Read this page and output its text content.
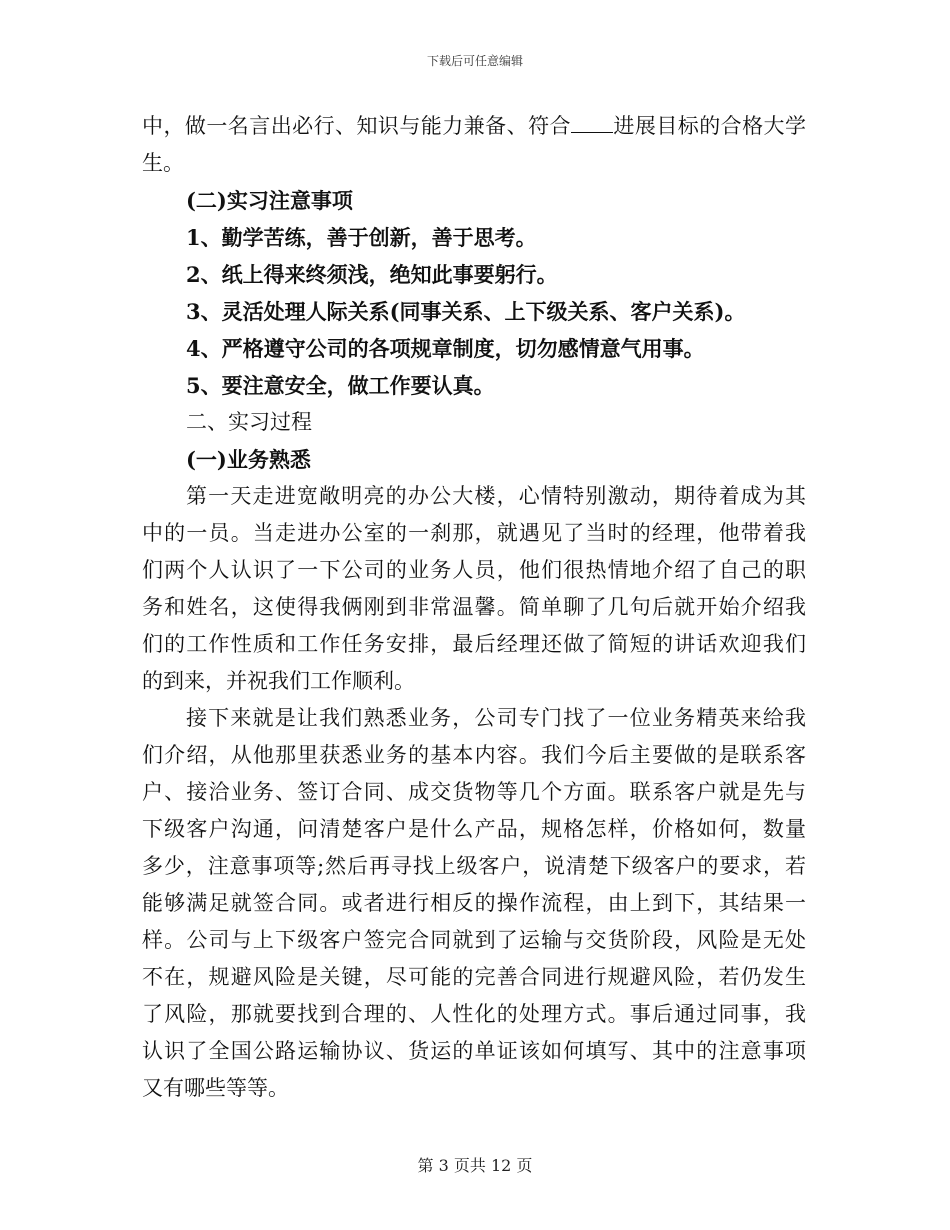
下载后可任意编辑
中，做一名言出必行、知识与能力兼备、符合 进展目标的合格大学
生。
(二)实习注意事项
1、勤学苦练，善于创新，善于思考。
2、纸上得来终须浅，绝知此事要躬行。
3、灵活处理人际关系(同事关系、上下级关系、客户关系)。
4、严格遵守公司的各项规章制度，切勿感情意气用事。
5、要注意安全，做工作要认真。
二、实习过程
(一)业务熟悉
第一天走进宽敞明亮的办公大楼，心情特别激动，期待着成为其
中的一员。当走进办公室的一刹那，就遇见了当时的经理，他带着我
们两个人认识了一下公司的业务人员，他们很热情地介绍了自己的职
务和姓名，这使得我俩刚到非常温馨。简单聊了几句后就开始介绍我
们的工作性质和工作任务安排，最后经理还做了简短的讲话欢迎我们
的到来，并祝我们工作顺利。
接下来就是让我们熟悉业务，公司专门找了一位业务精英来给我
们介绍，从他那里获悉业务的基本内容。我们今后主要做的是联系客
户、接洽业务、签订合同、成交货物等几个方面。联系客户就是先与
下级客户沟通，问清楚客户是什么产品，规格怎样，价格如何，数量
多少，注意事项等;然后再寻找上级客户，说清楚下级客户的要求，若
能够满足就签合同。或者进行相反的操作流程，由上到下，其结果一
样。公司与上下级客户签完合同就到了运输与交货阶段，风险是无处
不在，规避风险是关键，尽可能的完善合同进行规避风险，若仍发生
了风险，那就要找到合理的、人性化的处理方式。事后通过同事，我
认识了全国公路运输协议、货运的单证该如何填写、其中的注意事项
又有哪些等等。
第 3 页共 12 页
